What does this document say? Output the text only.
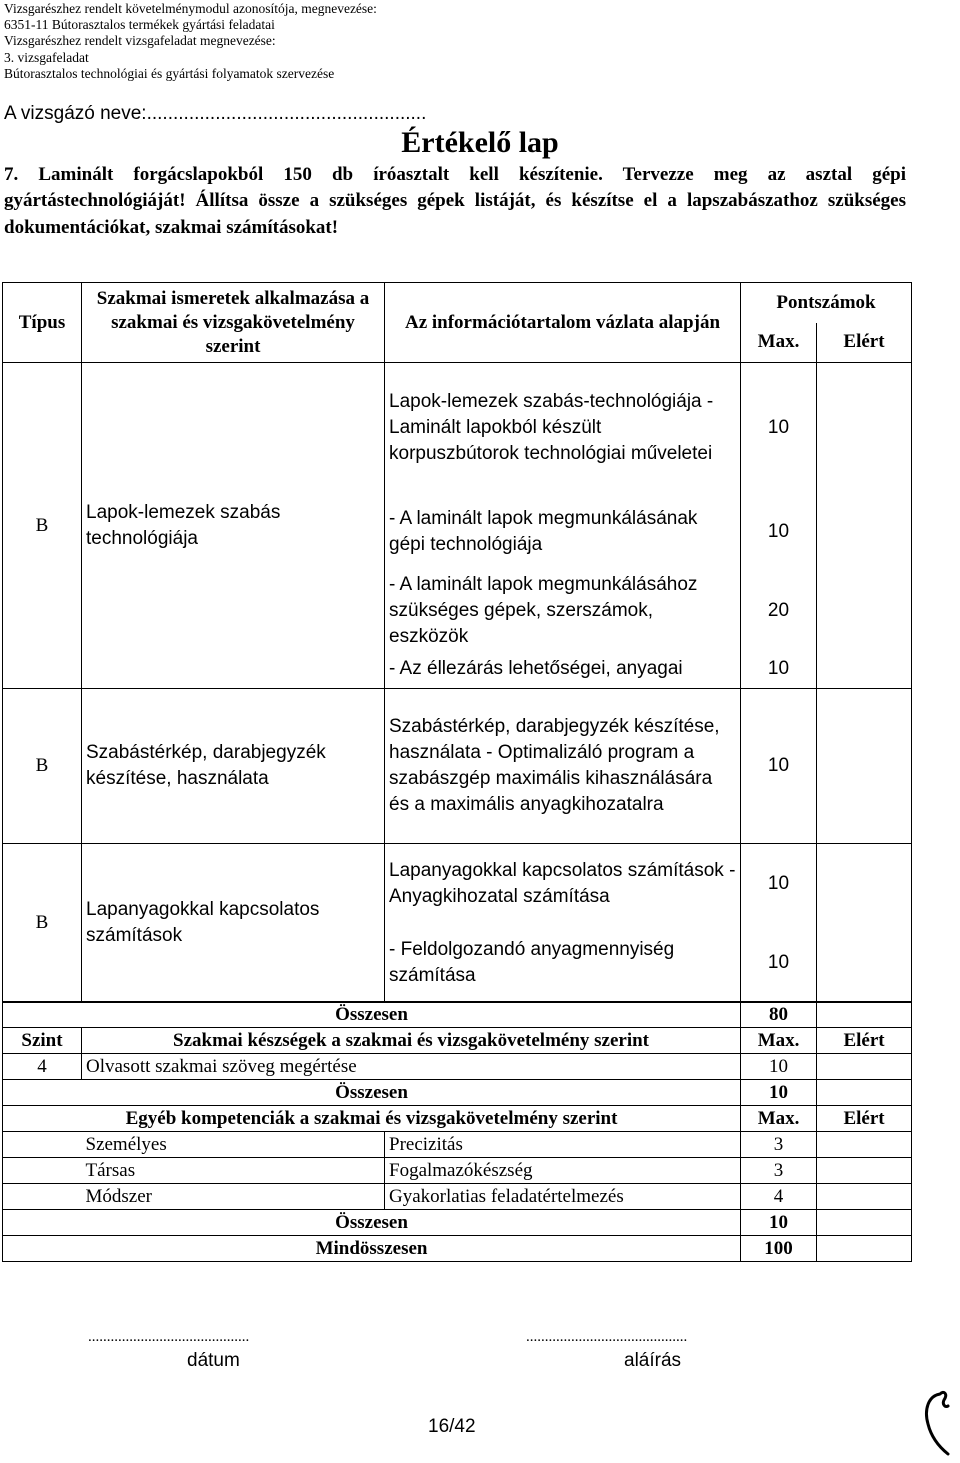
Vizsgarészhez rendelt követelménymodul azonosítója, megnevezése:
6351-11 Bútorasztalos termékek gyártási feladatai
Vizsgarészhez rendelt vizsgafeladat megnevezése:
3. vizsgafeladat
Bútorasztalos technológiai és gyártási folyamatok szervezése
A vizsgázó neve:.....................................................
Értékelő lap
7. Laminált forgácslapokból 150 db íróasztalt kell készítenie. Tervezze meg az asztal gépi gyártástechnológiáját! Állítsa össze a szükséges gépek listáját, és készítse el a lapszabászathoz szükséges dokumentációkat, szakmai számításokat!
Típus	Szakmai ismeretek alkalmazása a szakmai és vizsgakövetelmény szerint	Az információtartalom vázlata alapján	Pontszámok	
			Max.	Elért
B	Lapok-lemezek szabás technológiája	Lapok-lemezek szabás-technológiája - Laminált lapokból készült korpuszbútorok technológiai műveletei	10	
		- A laminált lapok megmunkálásának gépi technológiája	10	
		- A laminált lapok megmunkálásához szükséges gépek, szerszámok, eszközök	20	
		- Az éllezárás lehetőségei, anyagai	10	
B	Szabástérkép, darabjegyzék készítése, használata	Szabástérkép, darabjegyzék készítése, használata - Optimalizáló program a szabászgép maximális kihasználására és a maximális anyagkihozatalra	10	
B	Lapanyagokkal kapcsolatos számítások	Lapanyagokkal kapcsolatos számítások - Anyagkihozatal számítása	10	
		- Feldolgozandó anyagmennyiség számítása	10	
Összesen			80	
Szint	Szakmai készségek a szakmai és vizsgakövetelmény szerint		Max.	Elért
4	Olvasott szakmai szöveg megértése		10	
Összesen			10	
Egyéb kompetenciák a szakmai és vizsgakövetelmény szerint			Max.	Elért
	Személyes	Precizitás	3	
	Társas	Fogalmazókészség	3	
	Módszer	Gyakorlatias feladatértelmezés	4	
Összesen			10	
Mindösszesen			100	
...........................................	...........................................
dátum	aláírás
16/42
